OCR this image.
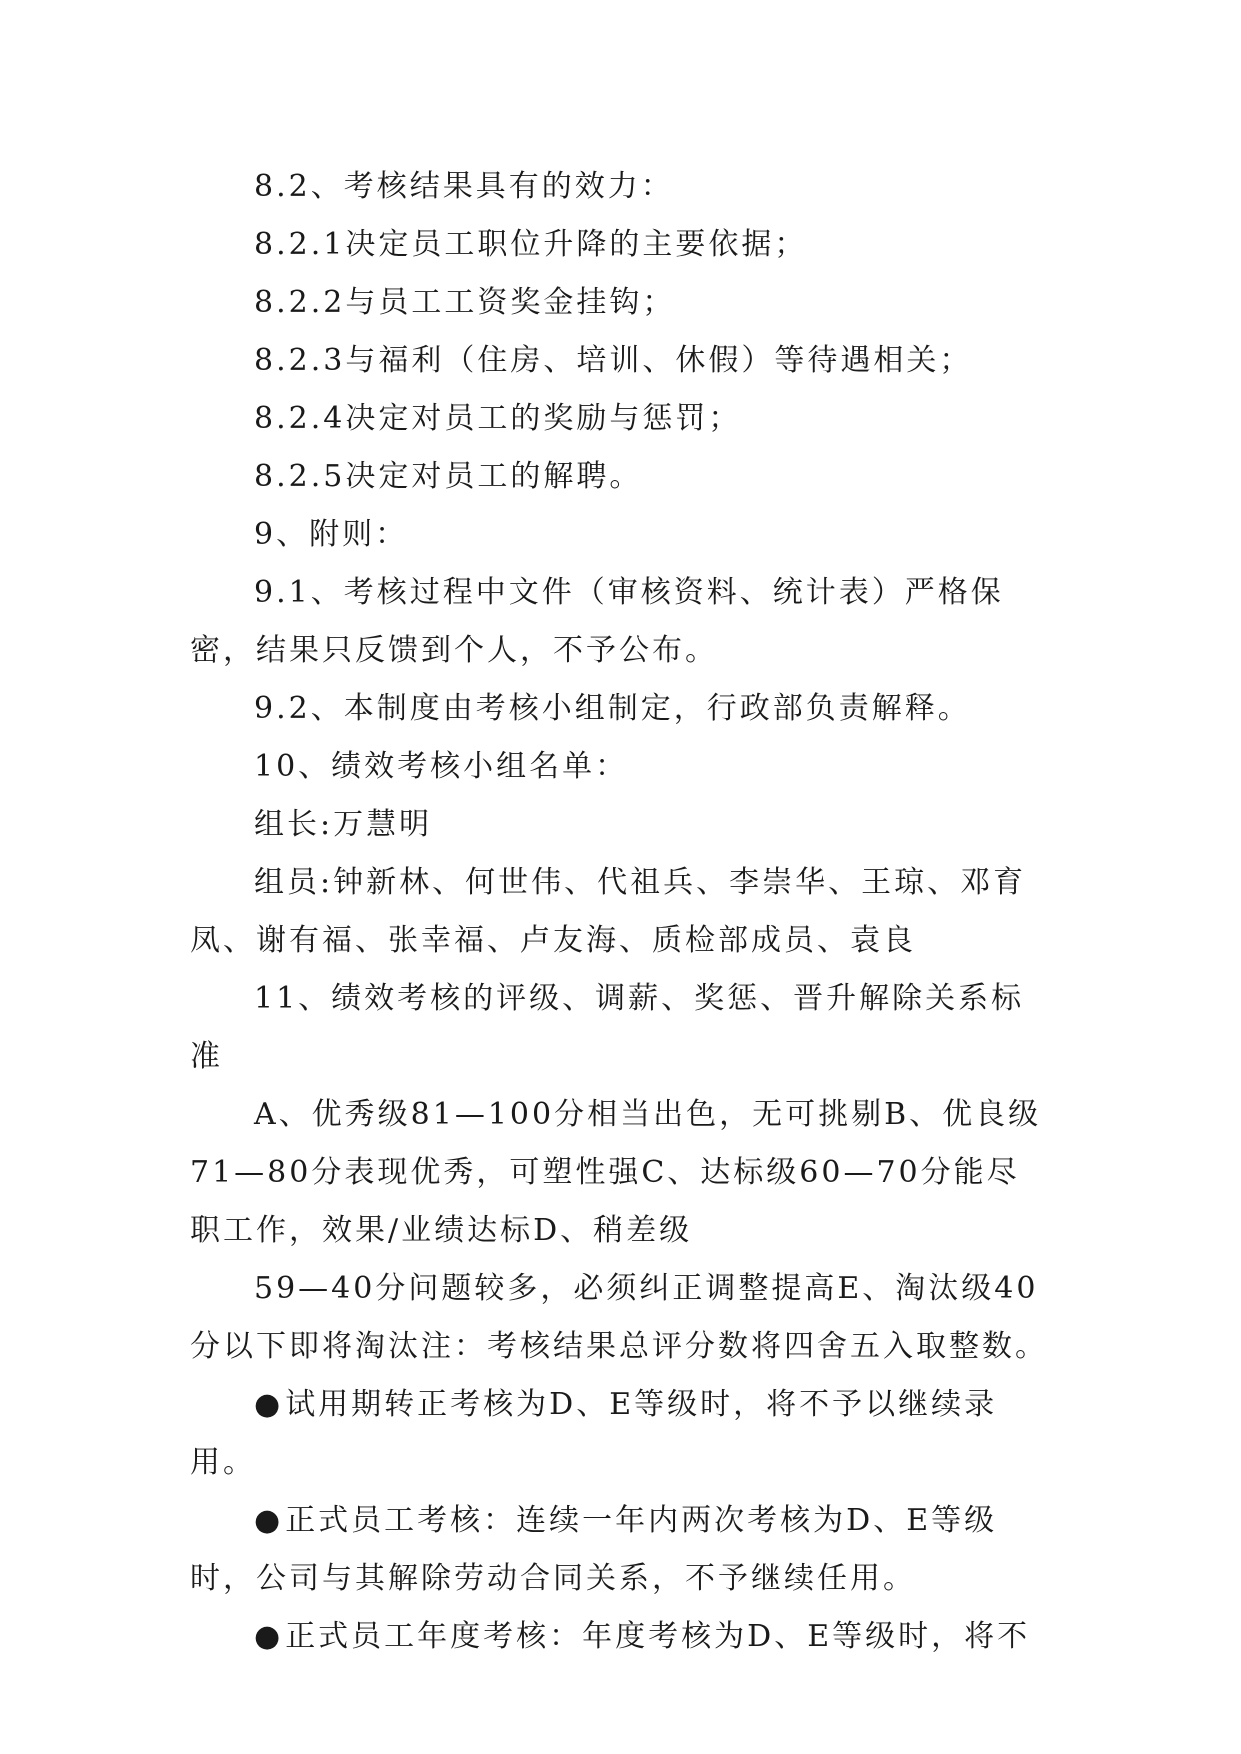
8.2、考核结果具有的效力：

8.2.1决定员工职位升降的主要依据；

8.2.2与员工工资奖金挂钩；

8.2.3与福利（住房、培训、休假）等待遇相关；

8.2.4决定对员工的奖励与惩罚；

8.2.5决定对员工的解聘。

9、附则：

9.1、考核过程中文件（审核资料、统计表）严格保密，结果只反馈到个人，不予公布。

9.2、本制度由考核小组制定，行政部负责解释。

10、绩效考核小组名单：

组长:万慧明

组员:钟新林、何世伟、代祖兵、李崇华、王琼、邓育凤、谢有福、张幸福、卢友海、质检部成员、袁良

11、绩效考核的评级、调薪、奖惩、晋升解除关系标准

A、优秀级81—100分相当出色，无可挑剔B、优良级71—80分表现优秀，可塑性强C、达标级60—70分能尽职工作，效果/业绩达标D、稍差级

59—40分问题较多，必须纠正调整提高E、淘汰级40分以下即将淘汰注：考核结果总评分数将四舍五入取整数。

●试用期转正考核为D、E等级时，将不予以继续录用。

●正式员工考核：连续一年内两次考核为D、E等级时，公司与其解除劳动合同关系，不予继续任用。

●正式员工年度考核：年度考核为D、E等级时，将不
